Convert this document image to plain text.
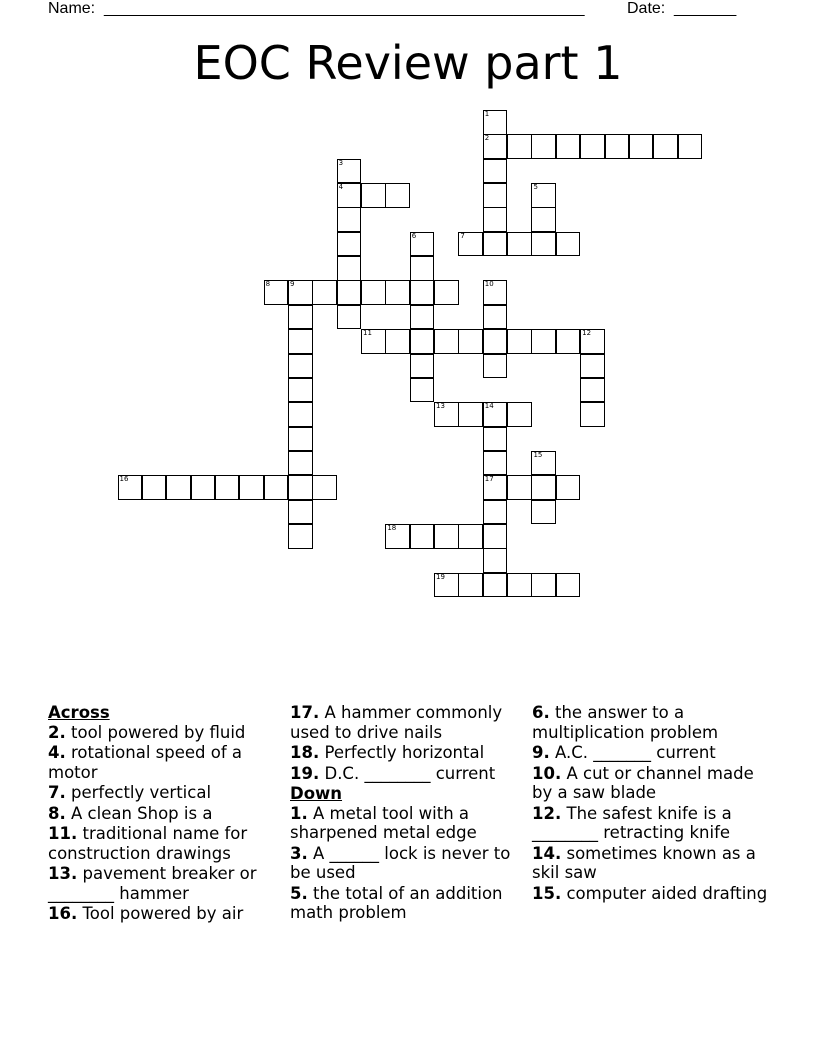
Name: ______________________________________________________	Date: _______
EOC Review part 1
1
2
3
4	5
6	7
8	9	10
11	12
13	14
17
15
16
18
19
Across
2. tool powered by fluid
4. rotational speed of a motor
7. perfectly vertical
8. A clean Shop is a
11. traditional name for construction drawings
13. pavement breaker or ________ hammer
16. Tool powered by air
17. A hammer commonly used to drive nails
18. Perfectly horizontal
19. D.C. ________ current
Down
1. A metal tool with a sharpened metal edge
3. A ______ lock is never to be used
5. the total of an addition math problem
6. the answer to a multiplication problem
9. A.C. _______ current
10. A cut or channel made by a saw blade
12. The safest knife is a ________ retracting knife
14. sometimes known as a skil saw
15. computer aided drafting
